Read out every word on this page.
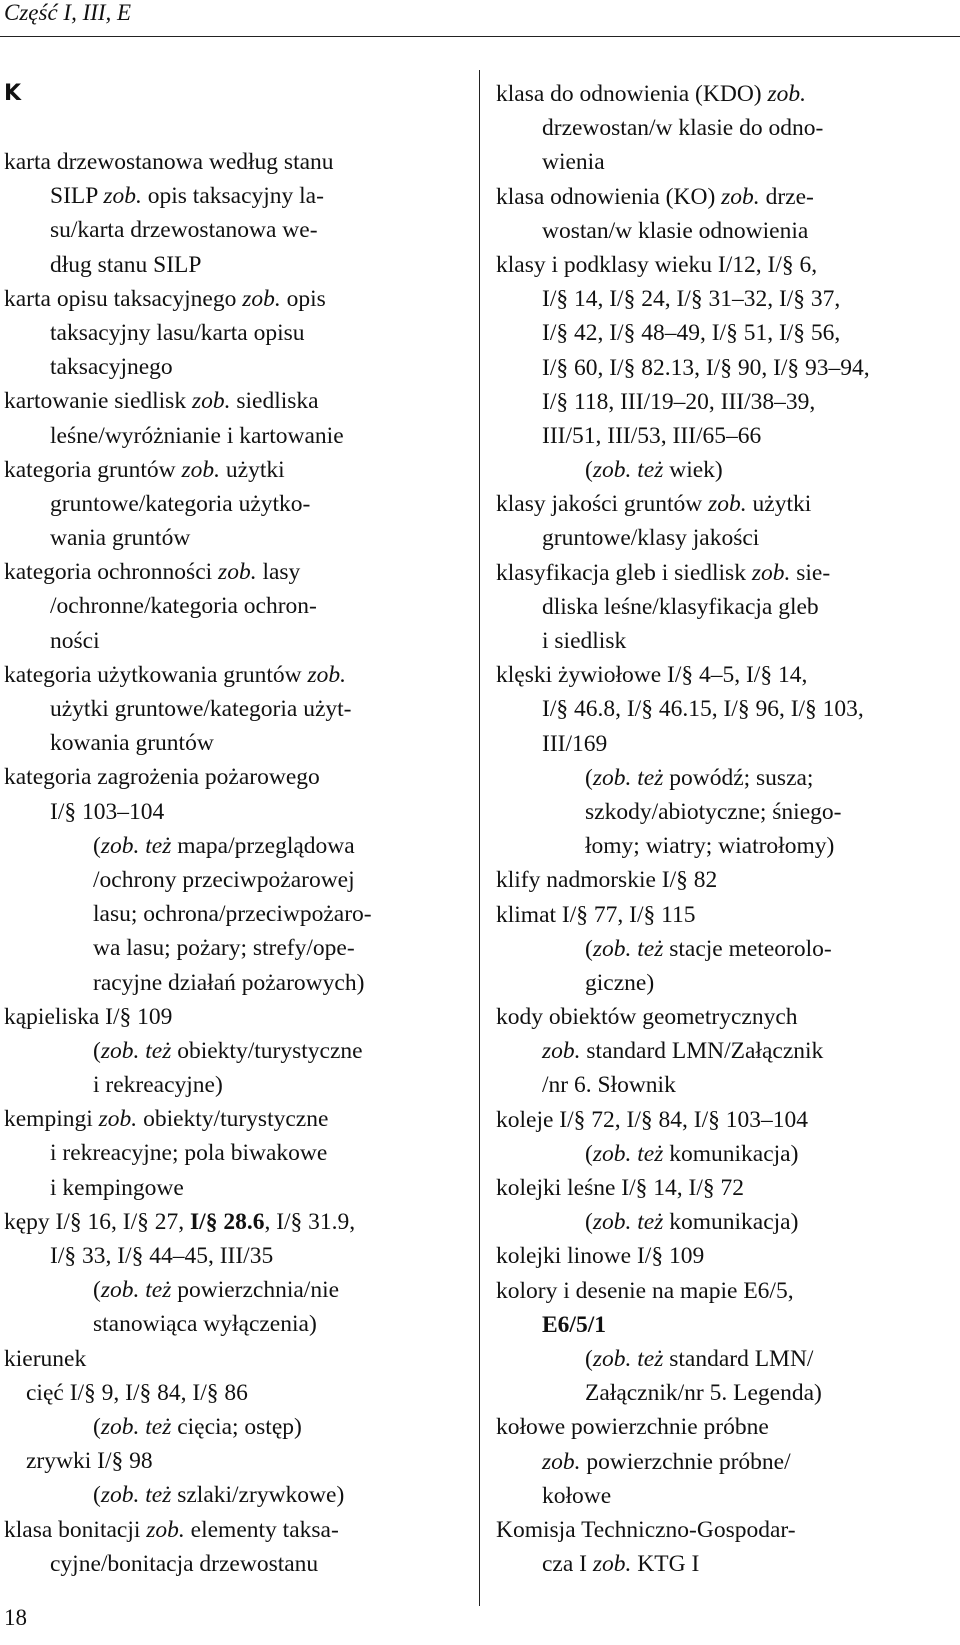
Część I, III, E
K
karta drzewostanowa według stanu
SILP zob. opis taksacyjny la-
su/karta drzewostanowa we-
dług stanu SILP
karta opisu taksacyjnego zob. opis
taksacyjny lasu/karta opisu
taksacyjnego
kartowanie siedlisk zob. siedliska
leśne/wyróżnianie i kartowanie
kategoria gruntów zob. użytki
gruntowe/kategoria użytko-
wania gruntów
kategoria ochronności zob. lasy
/ochronne/kategoria ochron-
ności
kategoria użytkowania gruntów zob.
użytki gruntowe/kategoria użyt-
kowania gruntów
kategoria zagrożenia pożarowego
I/§ 103–104
(zob. też mapa/przeglądowa
/ochrony przeciwpożarowej
lasu; ochrona/przeciwpożaro-
wa lasu; pożary; strefy/ope-
racyjne działań pożarowych)
kąpieliska I/§ 109
(zob. też obiekty/turystyczne
i rekreacyjne)
kempingi zob. obiekty/turystyczne
i rekreacyjne; pola biwakowe
i kempingowe
kępy I/§ 16, I/§ 27, I/§ 28.6, I/§ 31.9,
I/§ 33, I/§ 44–45, III/35
(zob. też powierzchnia/nie
stanowiąca wyłączenia)
kierunek
cięć I/§ 9, I/§ 84, I/§ 86
(zob. też cięcia; ostęp)
zrywki I/§ 98
(zob. też szlaki/zrywkowe)
klasa bonitacji zob. elementy taksa-
cyjne/bonitacja drzewostanu
klasa do odnowienia (KDO) zob.
drzewostan/w klasie do odno-
wienia
klasa odnowienia (KO) zob. drze-
wostan/w klasie odnowienia
klasy i podklasy wieku I/12, I/§ 6,
I/§ 14, I/§ 24, I/§ 31–32, I/§ 37,
I/§ 42, I/§ 48–49, I/§ 51, I/§ 56,
I/§ 60, I/§ 82.13, I/§ 90, I/§ 93–94,
I/§ 118, III/19–20, III/38–39,
III/51, III/53, III/65–66
(zob. też wiek)
klasy jakości gruntów zob. użytki
gruntowe/klasy jakości
klasyfikacja gleb i siedlisk zob. sie-
dliska leśne/klasyfikacja gleb
i siedlisk
klęski żywiołowe I/§ 4–5, I/§ 14,
I/§ 46.8, I/§ 46.15, I/§ 96, I/§ 103,
III/169
(zob. też powódź; susza;
szkody/abiotyczne; śniego-
łomy; wiatry; wiatrołomy)
klify nadmorskie I/§ 82
klimat I/§ 77, I/§ 115
(zob. też stacje meteorolo-
giczne)
kody obiektów geometrycznych
zob. standard LMN/Załącznik
/nr 6. Słownik
koleje I/§ 72, I/§ 84, I/§ 103–104
(zob. też komunikacja)
kolejki leśne I/§ 14, I/§ 72
(zob. też komunikacja)
kolejki linowe I/§ 109
kolory i desenie na mapie E6/5,
E6/5/1
(zob. też standard LMN/
Załącznik/nr 5. Legenda)
kołowe powierzchnie próbne
zob. powierzchnie próbne/
kołowe
Komisja Techniczno-Gospodar-
cza I zob. KTG I
18
